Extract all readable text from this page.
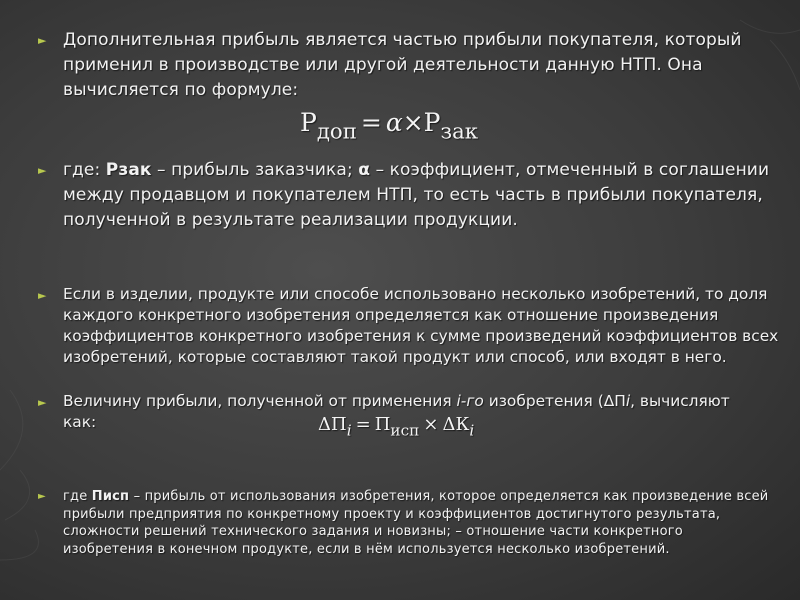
► Дополнительная прибыль является частью прибыли покупателя, который применил в производстве или другой деятельности данную НТП. Она вычисляется по формуле:

$Р_{доп} = \alpha\times Р_{зак}$
► где: Рзак – прибыль заказчика; α – коэффициент, отмеченный в соглашении между продавцом и покупателем НТП, то есть часть в прибыли покупателя, полученной в результате реализации продукции.

► Если в изделии, продукте или способе использовано несколько изобретений, то доля каждого конкретного изобретения определяется как отношение произведения коэффициентов конкретного изобретения к сумме произведений коэффициентов всех изобретений, которые составляют такой продукт или способ, или входят в него.

► Величину прибыли, полученной от применения i-го изобретения (ΔПi, вычисляют как:	$\Delta П_i = П_{исп} \times \Delta К_i$
► где Писп – прибыль от использования изобретения, которое определяется как произведение всей прибыли предприятия по конкретному проекту и коэффициентов достигнутого результата, сложности решений технического задания и новизны; – отношение части конкретного изобретения в конечном продукте, если в нём используется несколько изобретений.
